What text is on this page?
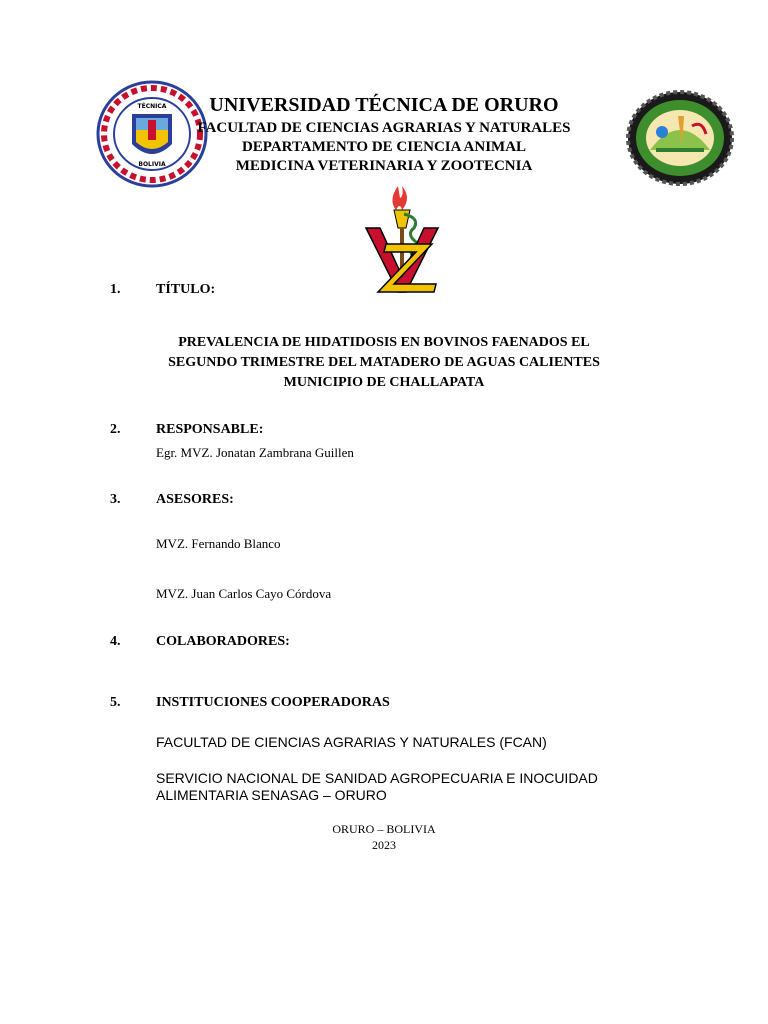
TÉCNICA
BOLIVIA
UNIVERSIDAD TÉCNICA DE ORURO
FACULTAD DE CIENCIAS AGRARIAS Y NATURALES
DEPARTAMENTO DE CIENCIA ANIMAL
MEDICINA VETERINARIA Y ZOOTECNIA
1.	TÍTULO:
PREVALENCIA DE HIDATIDOSIS EN BOVINOS FAENADOS EL
SEGUNDO TRIMESTRE DEL MATADERO DE AGUAS CALIENTES
MUNICIPIO DE CHALLAPATA
2.	RESPONSABLE:
Egr. MVZ. Jonatan Zambrana Guillen
3.	ASESORES:
MVZ. Fernando Blanco
MVZ. Juan Carlos Cayo Córdova
4.	COLABORADORES:
5.	INSTITUCIONES COOPERADORAS
FACULTAD DE CIENCIAS AGRARIAS Y NATURALES (FCAN)
SERVICIO NACIONAL DE SANIDAD AGROPECUARIA E INOCUIDAD
ALIMENTARIA SENASAG – ORURO
ORURO – BOLIVIA
2023
